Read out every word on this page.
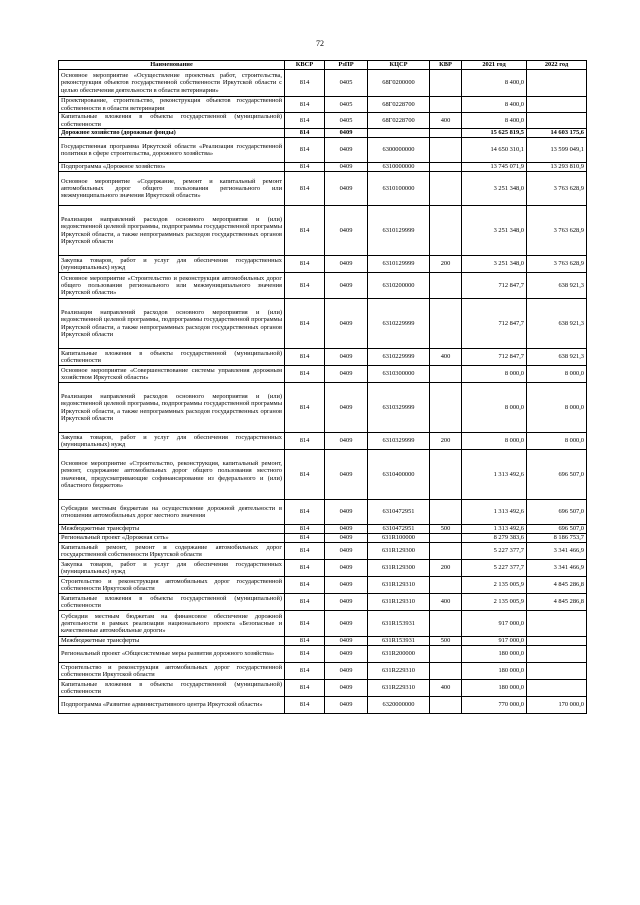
72
Наименование	КВСР	РзПР	КЦСР	КВР	2021 год	2022 год
Основное мероприятие «Осуществление проектных работ, строительства, реконструкция объектов государственной собственности Иркутской области с целью обеспечения деятельности в области ветеринарии»	814	0405	68Г0200000		8 400,0	
Проектирование, строительство, реконструкция объектов государственной собственности в области ветеринарии	814	0405	68Г0228700		8 400,0	
Капитальные вложения в объекты государственной (муниципальной) собственности	814	0405	68Г0228700	400	8 400,0	
Дорожное хозяйство (дорожные фонды)	814	0409			15 625 819,5	14 603 175,6
Государственная программа Иркутской области «Реализация государственной политики в сфере строительства, дорожного хозяйства»	814	0409	6300000000		14 650 310,1	13 599 049,1
Подпрограмма «Дорожное хозяйство»	814	0409	6310000000		13 745 071,9	13 293 810,9
Основное мероприятие «Содержание, ремонт и капитальный ремонт автомобильных дорог общего пользования регионального или межмуниципального значения Иркутской области»	814	0409	6310100000		3 251 348,0	3 763 628,9
Реализация направлений расходов основного мероприятия и (или) ведомственной целевой программы, подпрограммы государственной программы Иркутской области, а также непрограммных расходов государственных органов Иркутской области	814	0409	6310129999		3 251 348,0	3 763 628,9
Закупка товаров, работ и услуг для обеспечения государственных (муниципальных) нужд	814	0409	6310129999	200	3 251 348,0	3 763 628,9
Основное мероприятие «Строительство и реконструкция автомобильных дорог общего пользования регионального или межмуниципального значения Иркутской области»	814	0409	6310200000		712 847,7	638 921,3
Реализация направлений расходов основного мероприятия и (или) ведомственной целевой программы, подпрограммы государственной программы Иркутской области, а также непрограммных расходов государственных органов Иркутской области	814	0409	6310229999		712 847,7	638 921,3
Капитальные вложения в объекты государственной (муниципальной) собственности	814	0409	6310229999	400	712 847,7	638 921,3
Основное мероприятие «Совершенствование системы управления дорожным хозяйством Иркутской области»	814	0409	6310300000		8 000,0	8 000,0
Реализация направлений расходов основного мероприятия и (или) ведомственной целевой программы, подпрограммы государственной программы Иркутской области, а также непрограммных расходов государственных органов Иркутской области	814	0409	6310329999		8 000,0	8 000,0
Закупка товаров, работ и услуг для обеспечения государственных (муниципальных) нужд	814	0409	6310329999	200	8 000,0	8 000,0
Основное мероприятие «Строительство, реконструкция, капитальный ремонт, ремонт, содержание автомобильных дорог общего пользования местного значения, предусматривающие софинансирование из федерального и (или) областного бюджетов»	814	0409	6310400000		1 313 492,6	696 507,0
Субсидии местным бюджетам на осуществление дорожной деятельности в отношении автомобильных дорог местного значения	814	0409	6310472951		1 313 492,6	696 507,0
Межбюджетные трансферты	814	0409	6310472951	500	1 313 492,6	696 507,0
Региональный проект «Дорожная сеть»	814	0409	631R100000		8 279 383,6	8 186 753,7
Капитальный ремонт, ремонт и содержание автомобильных дорог государственной собственности Иркутской области	814	0409	631R129300		5 227 377,7	3 341 466,9
Закупка товаров, работ и услуг для обеспечения государственных (муниципальных) нужд	814	0409	631R129300	200	5 227 377,7	3 341 466,9
Строительство и реконструкция автомобильных дорог государственной собственности Иркутской области	814	0409	631R129310		2 135 005,9	4 845 286,8
Капитальные вложения в объекты государственной (муниципальной) собственности	814	0409	631R129310	400	2 135 005,9	4 845 286,8
Субсидии местным бюджетам на финансовое обеспечение дорожной деятельности в рамках реализации национального проекта «Безопасные и качественные автомобильные дороги»	814	0409	631R153931		917 000,0	
Межбюджетные трансферты	814	0409	631R153931	500	917 000,0	
Региональный проект «Общесистемные меры развития дорожного хозяйства»	814	0409	631R200000		180 000,0	
Строительство и реконструкция автомобильных дорог государственной собственности Иркутской области	814	0409	631R229310		180 000,0	
Капитальные вложения в объекты государственной (муниципальной) собственности	814	0409	631R229310	400	180 000,0	
Подпрограмма «Развитие административного центра Иркутской области»	814	0409	6320000000		770 000,0	170 000,0
